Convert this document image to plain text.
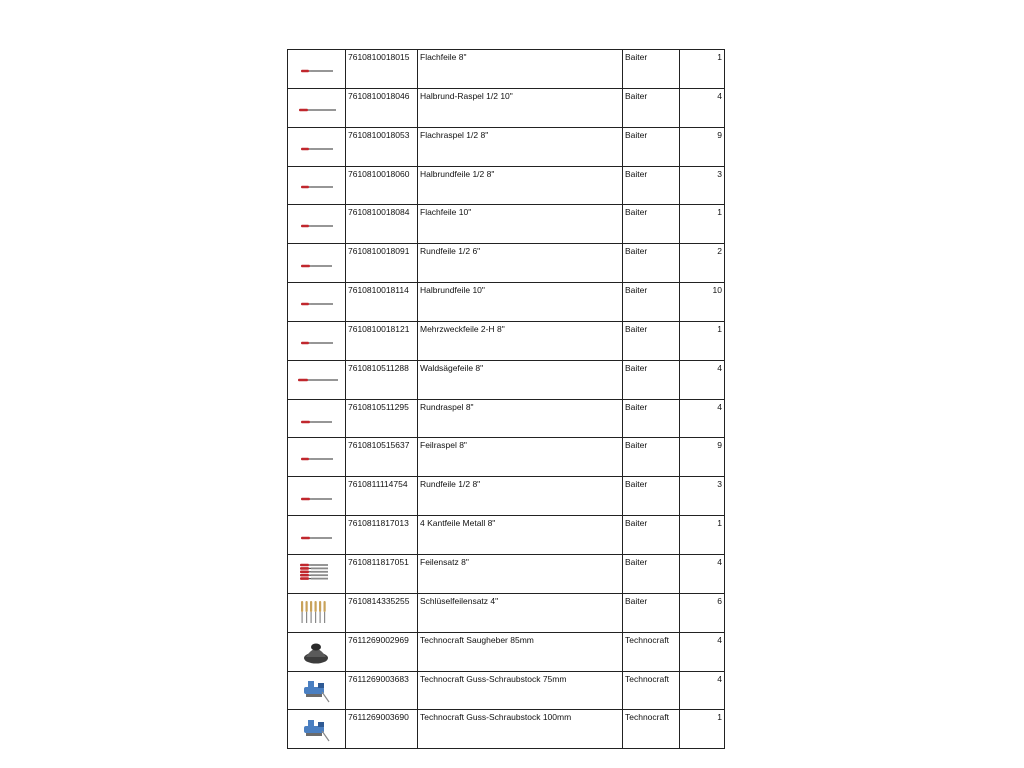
	7610810018015	Flachfeile 8"	Baiter	1

	7610810018046	Halbrund-Raspel 1/2 10"	Baiter	4

	7610810018053	Flachraspel 1/2 8"	Baiter	9

	7610810018060	Halbrundfeile 1/2 8"	Baiter	3

	7610810018084	Flachfeile 10"	Baiter	1

	7610810018091	Rundfeile 1/2 6"	Baiter	2

	7610810018114	Halbrundfeile 10"	Baiter	10

	7610810018121	Mehrzweckfeile 2-H 8"	Baiter	1

	7610810511288	Waldsägefeile 8"	Baiter	4

	7610810511295	Rundraspel 8"	Baiter	4

	7610810515637	Feilraspel 8"	Baiter	9

	7610811114754	Rundfeile 1/2 8"	Baiter	3

	7610811817013	4 Kantfeile Metall 8"	Baiter	1

	7610811817051	Feilensatz 8"	Baiter	4

	7610814335255	Schlüselfeilensatz 4"	Baiter	6

	7611269002969	Technocraft Saugheber 85mm	Technocraft	4

	7611269003683	Technocraft Guss-Schraubstock 75mm	Technocraft	4

	7611269003690	Technocraft Guss-Schraubstock 100mm	Technocraft	1
